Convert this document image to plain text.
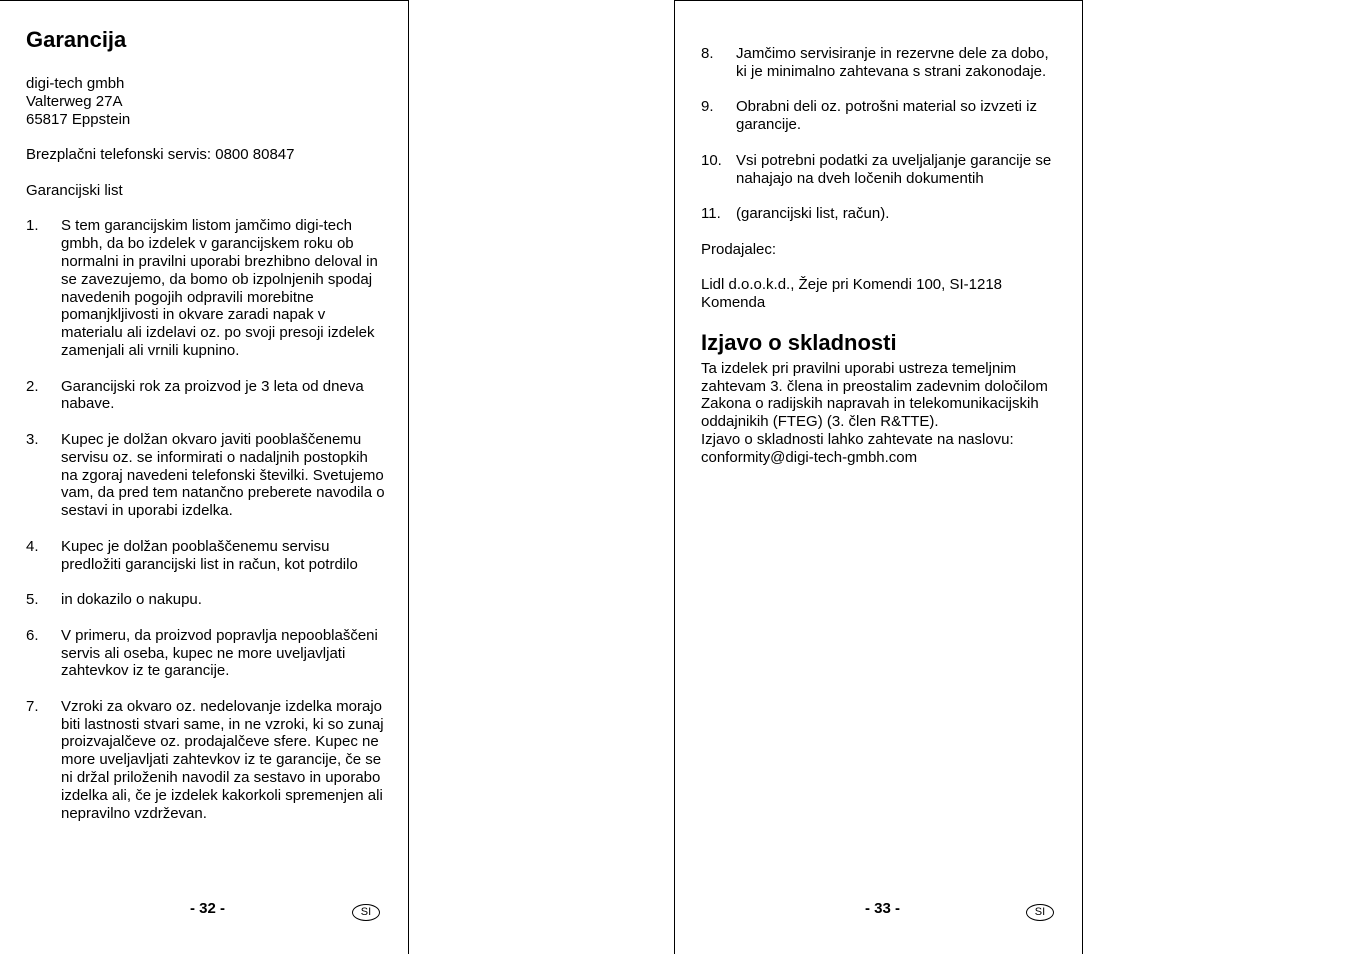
Garancija
digi-tech gmbh
Valterweg 27A
65817 Eppstein
Brezplačni telefonski servis: 0800 80847
Garancijski list
1.	S tem garancijskim listom jamčimo digi-tech gmbh, da bo izdelek v garancijskem roku ob normalni in pravilni uporabi brezhibno deloval in se zavezujemo, da bomo ob izpolnjenih spodaj navedenih pogojih odpravili morebitne pomanjkljivosti in okvare zaradi napak v materialu ali izdelavi oz. po svoji presoji izdelek zamenjali ali vrnili kupnino.
2.	Garancijski rok za proizvod je 3 leta od dneva nabave.
3.	Kupec je dolžan okvaro javiti pooblaščenemu servisu oz. se informirati o nadaljnih postopkih na zgoraj navedeni telefonski številki. Svetujemo vam, da pred tem natančno preberete navodila o sestavi in uporabi izdelka.
4.	Kupec je dolžan pooblaščenemu servisu predložiti garancijski list in račun, kot potrdilo
5.	in dokazilo o nakupu.
6.	V primeru, da proizvod popravlja nepooblaščeni servis ali oseba, kupec ne more uveljavljati zahtevkov iz te garancije.
7.	Vzroki za okvaro oz. nedelovanje izdelka morajo biti lastnosti stvari same, in ne vzroki, ki so zunaj proizvajalčeve oz. prodajalčeve sfere. Kupec ne more uveljavljati zahtevkov iz te garancije, če se ni držal priloženih navodil za sestavo in uporabo izdelka ali, če je izdelek kakorkoli spremenjen ali nepravilno vzdrževan.
- 32 -	SI
8.	Jamčimo servisiranje in rezervne dele za dobo, ki je minimalno zahtevana s strani zakonodaje.
9.	Obrabni deli oz. potrošni material so izvzeti iz garancije.
10. Vsi potrebni podatki za uveljaljanje garancije se nahajajo na dveh ločenih dokumentih
11.	(garancijski list, račun).
Prodajalec:
Lidl d.o.o.k.d., Žeje pri Komendi 100, SI-1218 Komenda
Izjavo o skladnosti
Ta izdelek pri pravilni uporabi ustreza temeljnim zahtevam 3. člena in preostalim zadevnim določilom Zakona o radijskih napravah in telekomunikacijskih oddajnikih (FTEG) (3. člen R&TTE).
Izjavo o skladnosti lahko zahtevate na naslovu:
conformity@digi-tech-gmbh.com
- 33 -	SI
